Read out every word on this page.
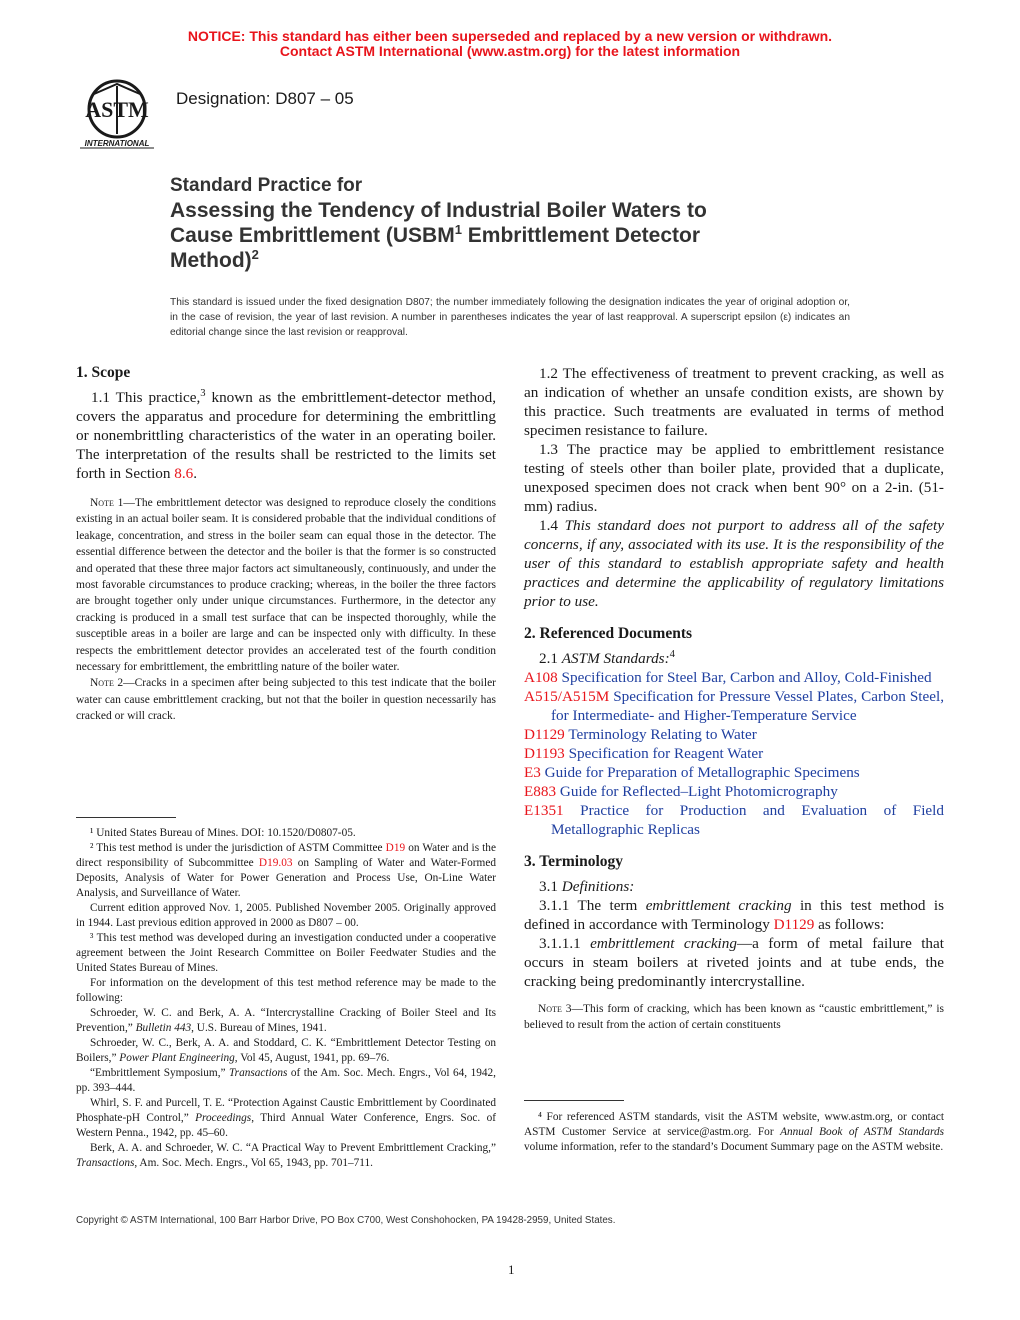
NOTICE: This standard has either been superseded and replaced by a new version or withdrawn.
Contact ASTM International (www.astm.org) for the latest information
ASTM
INTERNATIONAL
Designation: D807 – 05
Standard Practice for
Assessing the Tendency of Industrial Boiler Waters to
Cause Embrittlement (USBM$^1$ Embrittlement Detector
Method)$^2$
This standard is issued under the fixed designation D807; the number immediately following the designation indicates the year of original adoption or, in the case of revision, the year of last revision. A number in parentheses indicates the year of last reapproval. A superscript epsilon (ε) indicates an editorial change since the last revision or reapproval.
1. Scope
1.1 This practice,$^3$ known as the embrittlement-detector method, covers the apparatus and procedure for determining the embrittling or nonembrittling characteristics of the water in an operating boiler. The interpretation of the results shall be restricted to the limits set forth in Section 8.6.
Note 1—The embrittlement detector was designed to reproduce closely the conditions existing in an actual boiler seam. It is considered probable that the individual conditions of leakage, concentration, and stress in the boiler seam can equal those in the detector. The essential difference between the detector and the boiler is that the former is so constructed and operated that these three major factors act simultaneously, continuously, and under the most favorable circumstances to produce cracking; whereas, in the boiler the three factors are brought together only under unique circumstances. Furthermore, in the detector any cracking is produced in a small test surface that can be inspected thoroughly, while the susceptible areas in a boiler are large and can be inspected only with difficulty. In these respects the embrittlement detector provides an accelerated test of the fourth condition necessary for embrittlement, the embrittling nature of the boiler water.
Note 2—Cracks in a specimen after being subjected to this test indicate that the boiler water can cause embrittlement cracking, but not that the boiler in question necessarily has cracked or will crack.
¹ United States Bureau of Mines. DOI: 10.1520/D0807-05.
² This test method is under the jurisdiction of ASTM Committee D19 on Water and is the direct responsibility of Subcommittee D19.03 on Sampling of Water and Water-Formed Deposits, Analysis of Water for Power Generation and Process Use, On-Line Water Analysis, and Surveillance of Water.
Current edition approved Nov. 1, 2005. Published November 2005. Originally approved in 1944. Last previous edition approved in 2000 as D807 – 00.
³ This test method was developed during an investigation conducted under a cooperative agreement between the Joint Research Committee on Boiler Feedwater Studies and the United States Bureau of Mines.
For information on the development of this test method reference may be made to the following:
Schroeder, W. C. and Berk, A. A. “Intercrystalline Cracking of Boiler Steel and Its Prevention,” Bulletin 443, U.S. Bureau of Mines, 1941.
Schroeder, W. C., Berk, A. A. and Stoddard, C. K. “Embrittlement Detector Testing on Boilers,” Power Plant Engineering, Vol 45, August, 1941, pp. 69–76.
“Embrittlement Symposium,” Transactions of the Am. Soc. Mech. Engrs., Vol 64, 1942, pp. 393–444.
Whirl, S. F. and Purcell, T. E. “Protection Against Caustic Embrittlement by Coordinated Phosphate-pH Control,” Proceedings, Third Annual Water Conference, Engrs. Soc. of Western Penna., 1942, pp. 45–60.
Berk, A. A. and Schroeder, W. C. “A Practical Way to Prevent Embrittlement Cracking,” Transactions, Am. Soc. Mech. Engrs., Vol 65, 1943, pp. 701–711.
1.2 The effectiveness of treatment to prevent cracking, as well as an indication of whether an unsafe condition exists, are shown by this practice. Such treatments are evaluated in terms of method specimen resistance to failure.
1.3 The practice may be applied to embrittlement resistance testing of steels other than boiler plate, provided that a duplicate, unexposed specimen does not crack when bent 90° on a 2-in. (51-mm) radius.
1.4 This standard does not purport to address all of the safety concerns, if any, associated with its use. It is the responsibility of the user of this standard to establish appropriate safety and health practices and determine the applicability of regulatory limitations prior to use.
2. Referenced Documents
2.1 ASTM Standards:$^4$
A108 Specification for Steel Bar, Carbon and Alloy, Cold-Finished
A515/A515M Specification for Pressure Vessel Plates, Carbon Steel, for Intermediate- and Higher-Temperature Service
D1129 Terminology Relating to Water
D1193 Specification for Reagent Water
E3 Guide for Preparation of Metallographic Specimens
E883 Guide for Reflected–Light Photomicrography
E1351 Practice for Production and Evaluation of Field Metallographic Replicas
3. Terminology
3.1 Definitions:
3.1.1 The term embrittlement cracking in this test method is defined in accordance with Terminology D1129 as follows:
3.1.1.1 embrittlement cracking—a form of metal failure that occurs in steam boilers at riveted joints and at tube ends, the cracking being predominantly intercrystalline.
Note 3—This form of cracking, which has been known as “caustic embrittlement,” is believed to result from the action of certain constituents
⁴ For referenced ASTM standards, visit the ASTM website, www.astm.org, or contact ASTM Customer Service at service@astm.org. For Annual Book of ASTM Standards volume information, refer to the standard’s Document Summary page on the ASTM website.
Copyright © ASTM International, 100 Barr Harbor Drive, PO Box C700, West Conshohocken, PA 19428-2959, United States.
1
